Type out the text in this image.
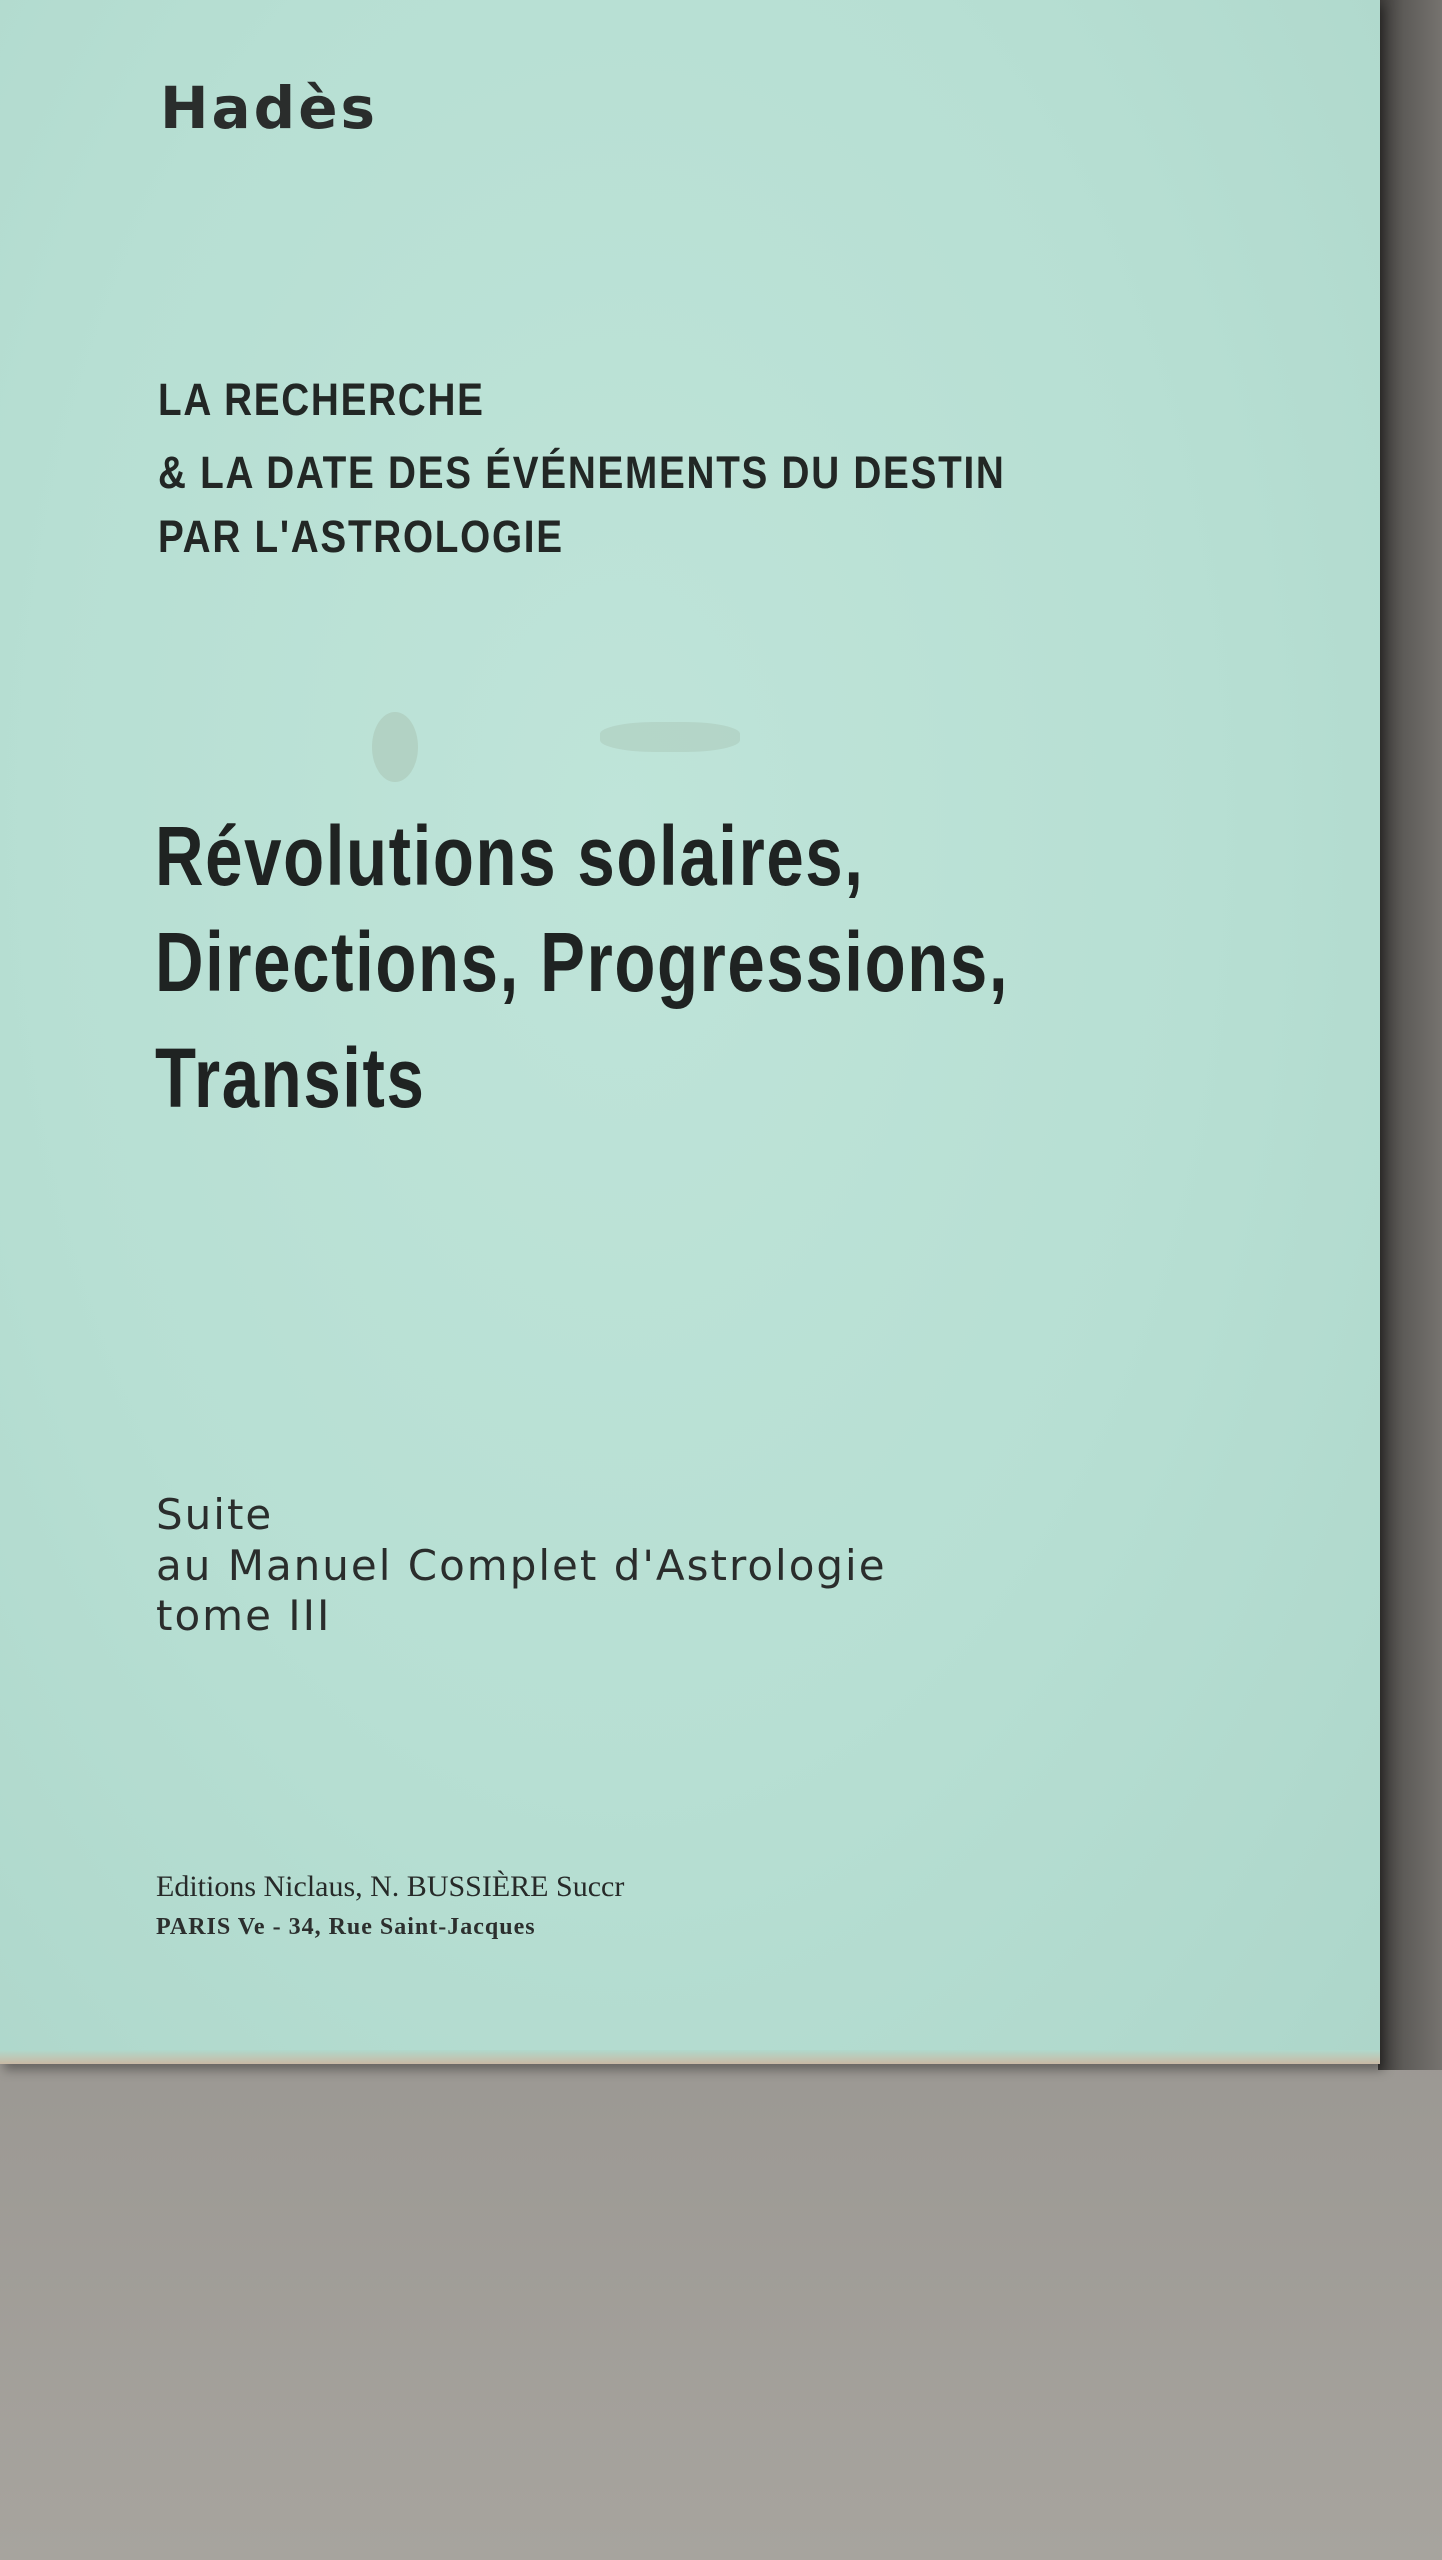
Hadès
LA RECHERCHE
& LA DATE DES ÉVÉNEMENTS DU DESTIN
PAR L'ASTROLOGIE
Révolutions solaires,
Directions, Progressions,
Transits
Suite
au Manuel Complet d'Astrologie
tome III
Editions Niclaus, N. BUSSIÈRE Succr
PARIS Ve - 34, Rue Saint-Jacques
